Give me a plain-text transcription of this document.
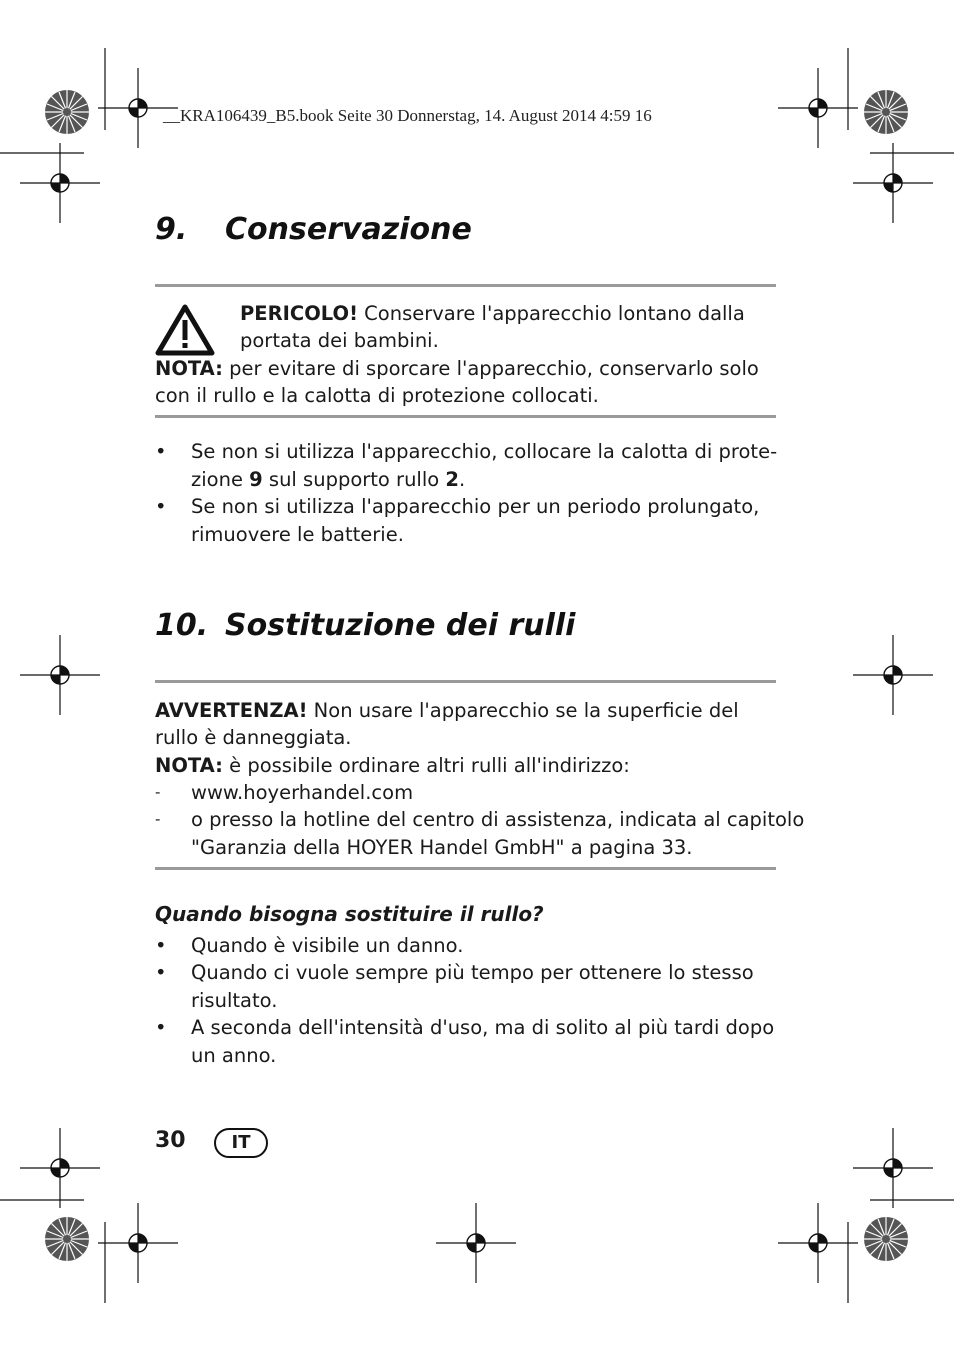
__KRA106439_B5.book Seite 30 Donnerstag, 14. August 2014 4:59 16
9. Conservazione
PERICOLO! Conservare l'apparecchio lontano dalla
portata dei bambini.
NOTA: per evitare di sporcare l'apparecchio, conservarlo solo
con il rullo e la calotta di protezione collocati.
•	Se non si utilizza l'apparecchio, collocare la calotta di prote-
zione 9 sul supporto rullo 2.
•	Se non si utilizza l'apparecchio per un periodo prolungato,
rimuovere le batterie.
10. Sostituzione dei rulli
AVVERTENZA! Non usare l'apparecchio se la superficie del
rullo è danneggiata.
NOTA: è possibile ordinare altri rulli all'indirizzo:
-	www.hoyerhandel.com
-	o presso la hotline del centro di assistenza, indicata al capitolo
"Garanzia della HOYER Handel GmbH" a pagina 33.
Quando bisogna sostituire il rullo?
•	Quando è visibile un danno.
•	Quando ci vuole sempre più tempo per ottenere lo stesso
risultato.
•	A seconda dell'intensità d'uso, ma di solito al più tardi dopo
un anno.
30	IT
